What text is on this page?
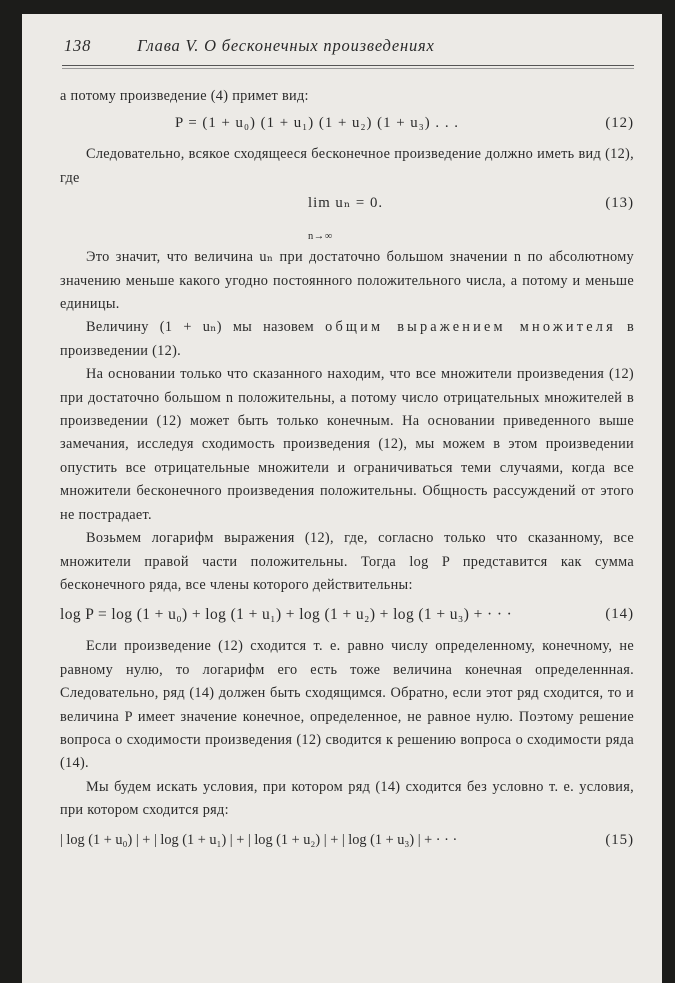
138	Глава V. О бесконечных произведениях

а потому произведение (4) примет вид:

P = (1 + u₀) (1 + u₁) (1 + u₂) (1 + u₃) . . .	(12)

Следовательно, всякое сходящееся бесконечное произведение должно иметь вид (12), где

lim uₙ = 0.
n→∞
(13)

Это значит, что величина uₙ при достаточно большом значении n по абсолютному значению меньше какого угодно постоянного положительного числа, а потому и меньше единицы.

Величину (1 + uₙ) мы назовем общим выражением множителя в произведении (12).

На основании только что сказанного находим, что все множители произведения (12) при достаточно большом n положительны, а потому число отрицательных множителей в произведении (12) может быть только конечным. На основании приведенного выше замечания, исследуя сходимость произведения (12), мы можем в этом произведении опустить все отрицательные множители и ограничиваться теми случаями, когда все множители бесконечного произведения положительны. Общность рассуждений от этого не пострадает.

Возьмем логарифм выражения (12), где, согласно только что сказанному, все множители правой части положительны. Тогда log P представится как сумма бесконечного ряда, все члены которого действительны:

log P = log (1 + u₀) + log (1 + u₁) + log (1 + u₂) + log (1 + u₃) + · · ·	(14)

Если произведение (12) сходится т. е. равно числу определенному, конечному, не равному нулю, то логарифм его есть тоже величина конечная определеннная. Следовательно, ряд (14) должен быть сходящимся. Обратно, если этот ряд сходится, то и величина P имеет значение конечное, определенное, не равное нулю. Поэтому решение вопроса о сходимости произведения (12) сводится к решению вопроса о сходимости ряда (14).

Мы будем искать условия, при котором ряд (14) сходится без условно т. е. условия, при котором сходится ряд:

| log (1 + u₀) | + | log (1 + u₁) | + | log (1 + u₂) | + | log (1 + u₃) | + · · ·	(15)
